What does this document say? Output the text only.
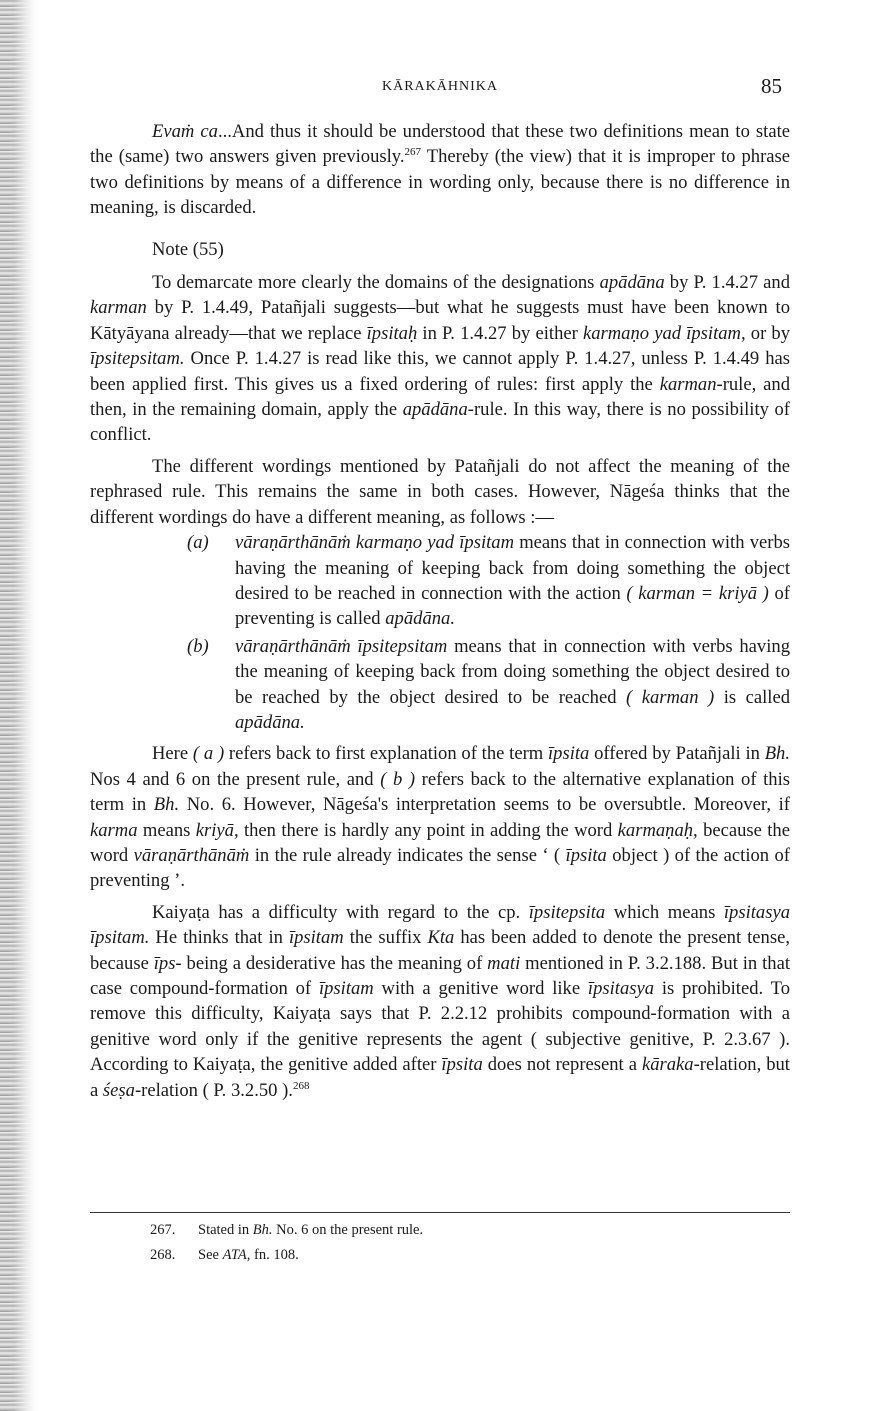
KĀRAKĀHNIKA	85

Evaṁ ca...And thus it should be understood that these two definitions mean to state the (same) two answers given previously.$^{267}$ Thereby (the view) that it is improper to phrase two definitions by means of a difference in wording only, because there is no difference in meaning, is discarded.

Note (55)

To demarcate more clearly the domains of the designations apādāna by P. 1.4.27 and karman by P. 1.4.49, Patañjali suggests—but what he suggests must have been known to Kātyāyana already—that we replace īpsitaḥ in P. 1.4.27 by either karmaṇo yad īpsitam, or by īpsitepsitam. Once P. 1.4.27 is read like this, we cannot apply P. 1.4.27, unless P. 1.4.49 has been applied first. This gives us a fixed ordering of rules: first apply the karman-rule, and then, in the remaining domain, apply the apādāna-rule. In this way, there is no possibility of conflict.

The different wordings mentioned by Patañjali do not affect the meaning of the rephrased rule. This remains the same in both cases. However, Nāgeśa thinks that the different wordings do have a different meaning, as follows :—

(a)	vāraṇārthānāṁ karmaṇo yad īpsitam means that in connection with verbs having the meaning of keeping back from doing something the object desired to be reached in connection with the action ( karman = kriyā ) of preventing is called apādāna.
(b)	vāraṇārthānāṁ īpsitepsitam means that in connection with verbs having the meaning of keeping back from doing something the object desired to be reached by the object desired to be reached ( karman ) is called apādāna.

Here ( a ) refers back to first explanation of the term īpsita offered by Patañjali in Bh. Nos 4 and 6 on the present rule, and ( b ) refers back to the alternative explanation of this term in Bh. No. 6. However, Nāgeśa's interpretation seems to be oversubtle. Moreover, if karma means kriyā, then there is hardly any point in adding the word karmaṇaḥ, because the word vāraṇārthānāṁ in the rule already indicates the sense ‘ ( īpsita object ) of the action of preventing ’.

Kaiyaṭa has a difficulty with regard to the cp. īpsitepsita which means īpsitasya īpsitam. He thinks that in īpsitam the suffix Kta has been added to denote the present tense, because īps- being a desiderative has the meaning of mati mentioned in P. 3.2.188. But in that case compound-formation of īpsitam with a genitive word like īpsitasya is prohibited. To remove this difficulty, Kaiyaṭa says that P. 2.2.12 prohibits compound-formation with a genitive word only if the genitive represents the agent ( subjective genitive, P. 2.3.67 ). According to Kaiyaṭa, the genitive added after īpsita does not represent a kāraka-relation, but a śeṣa-relation ( P. 3.2.50 ).$^{268}$

267.	Stated in Bh. No. 6 on the present rule.
268.	See ATA, fn. 108.
